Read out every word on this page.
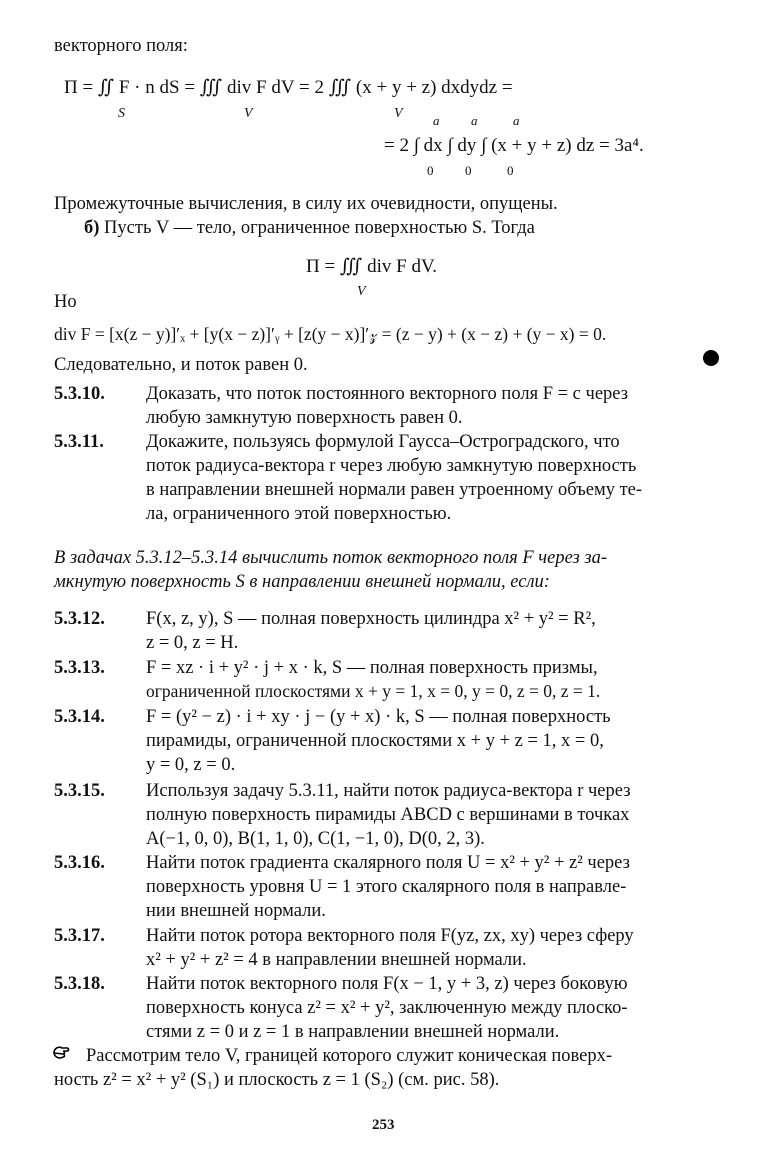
векторного поля:
Π = ∬ F · n dS = ∭ div F dV = 2 ∭ (x + y + z) dxdydz =
S	V	V a a	a
= 2 ∫ dx ∫ dy ∫ (x + y + z) dz = 3a⁴.
0 0	0
Промежуточные вычисления, в силу их очевидности, опущены.
б) Пусть V — тело, ограниченное поверхностью S. Тогда
Π = ∭ div F dV.
V
Но
div F = [x(z − y)]′ₓ + [y(x − z)]′ᵧ + [z(y − x)]′𝓏 = (z − y) + (x − z) + (y − x) = 0.
Следовательно, и поток равен 0.
5.3.10. Доказать, что поток постоянного векторного поля F = c через
любую замкнутую поверхность равен 0.
5.3.11. Докажите, пользуясь формулой Гаусса–Остроградского, что
поток радиуса-вектора r через любую замкнутую поверхность
в направлении внешней нормали равен утроенному объему те-
ла, ограниченного этой поверхностью.
В задачах 5.3.12–5.3.14 вычислить поток векторного поля F через за-
мкнутую поверхность S в направлении внешней нормали, если:
5.3.12. F(x, z, y), S — полная поверхность цилиндра x² + y² = R²,
z = 0, z = H.
5.3.13. F = xz · i + y² · j + x · k, S — полная поверхность призмы,
ограниченной плоскостями x + y = 1, x = 0, y = 0, z = 0, z = 1.
5.3.14. F = (y² − z) · i + xy · j − (y + x) · k, S — полная поверхность
пирамиды, ограниченной плоскостями x + y + z = 1, x = 0,
y = 0, z = 0.
5.3.15. Используя задачу 5.3.11, найти поток радиуса-вектора r через
полную поверхность пирамиды ABCD с вершинами в точках
A(−1, 0, 0), B(1, 1, 0), C(1, −1, 0), D(0, 2, 3).
5.3.16. Найти поток градиента скалярного поля U = x² + y² + z² через
поверхность уровня U = 1 этого скалярного поля в направле-
нии внешней нормали.
5.3.17. Найти поток ротора векторного поля F(yz, zx, xy) через сферу
x² + y² + z² = 4 в направлении внешней нормали.
5.3.18. Найти поток векторного поля F(x − 1, y + 3, z) через боковую
поверхность конуса z² = x² + y², заключенную между плоско-
стями z = 0 и z = 1 в направлении внешней нормали.
Рассмотрим тело V, границей которого служит коническая поверх-
ность z² = x² + y² (S₁) и плоскость z = 1 (S₂) (см. рис. 58).
253
